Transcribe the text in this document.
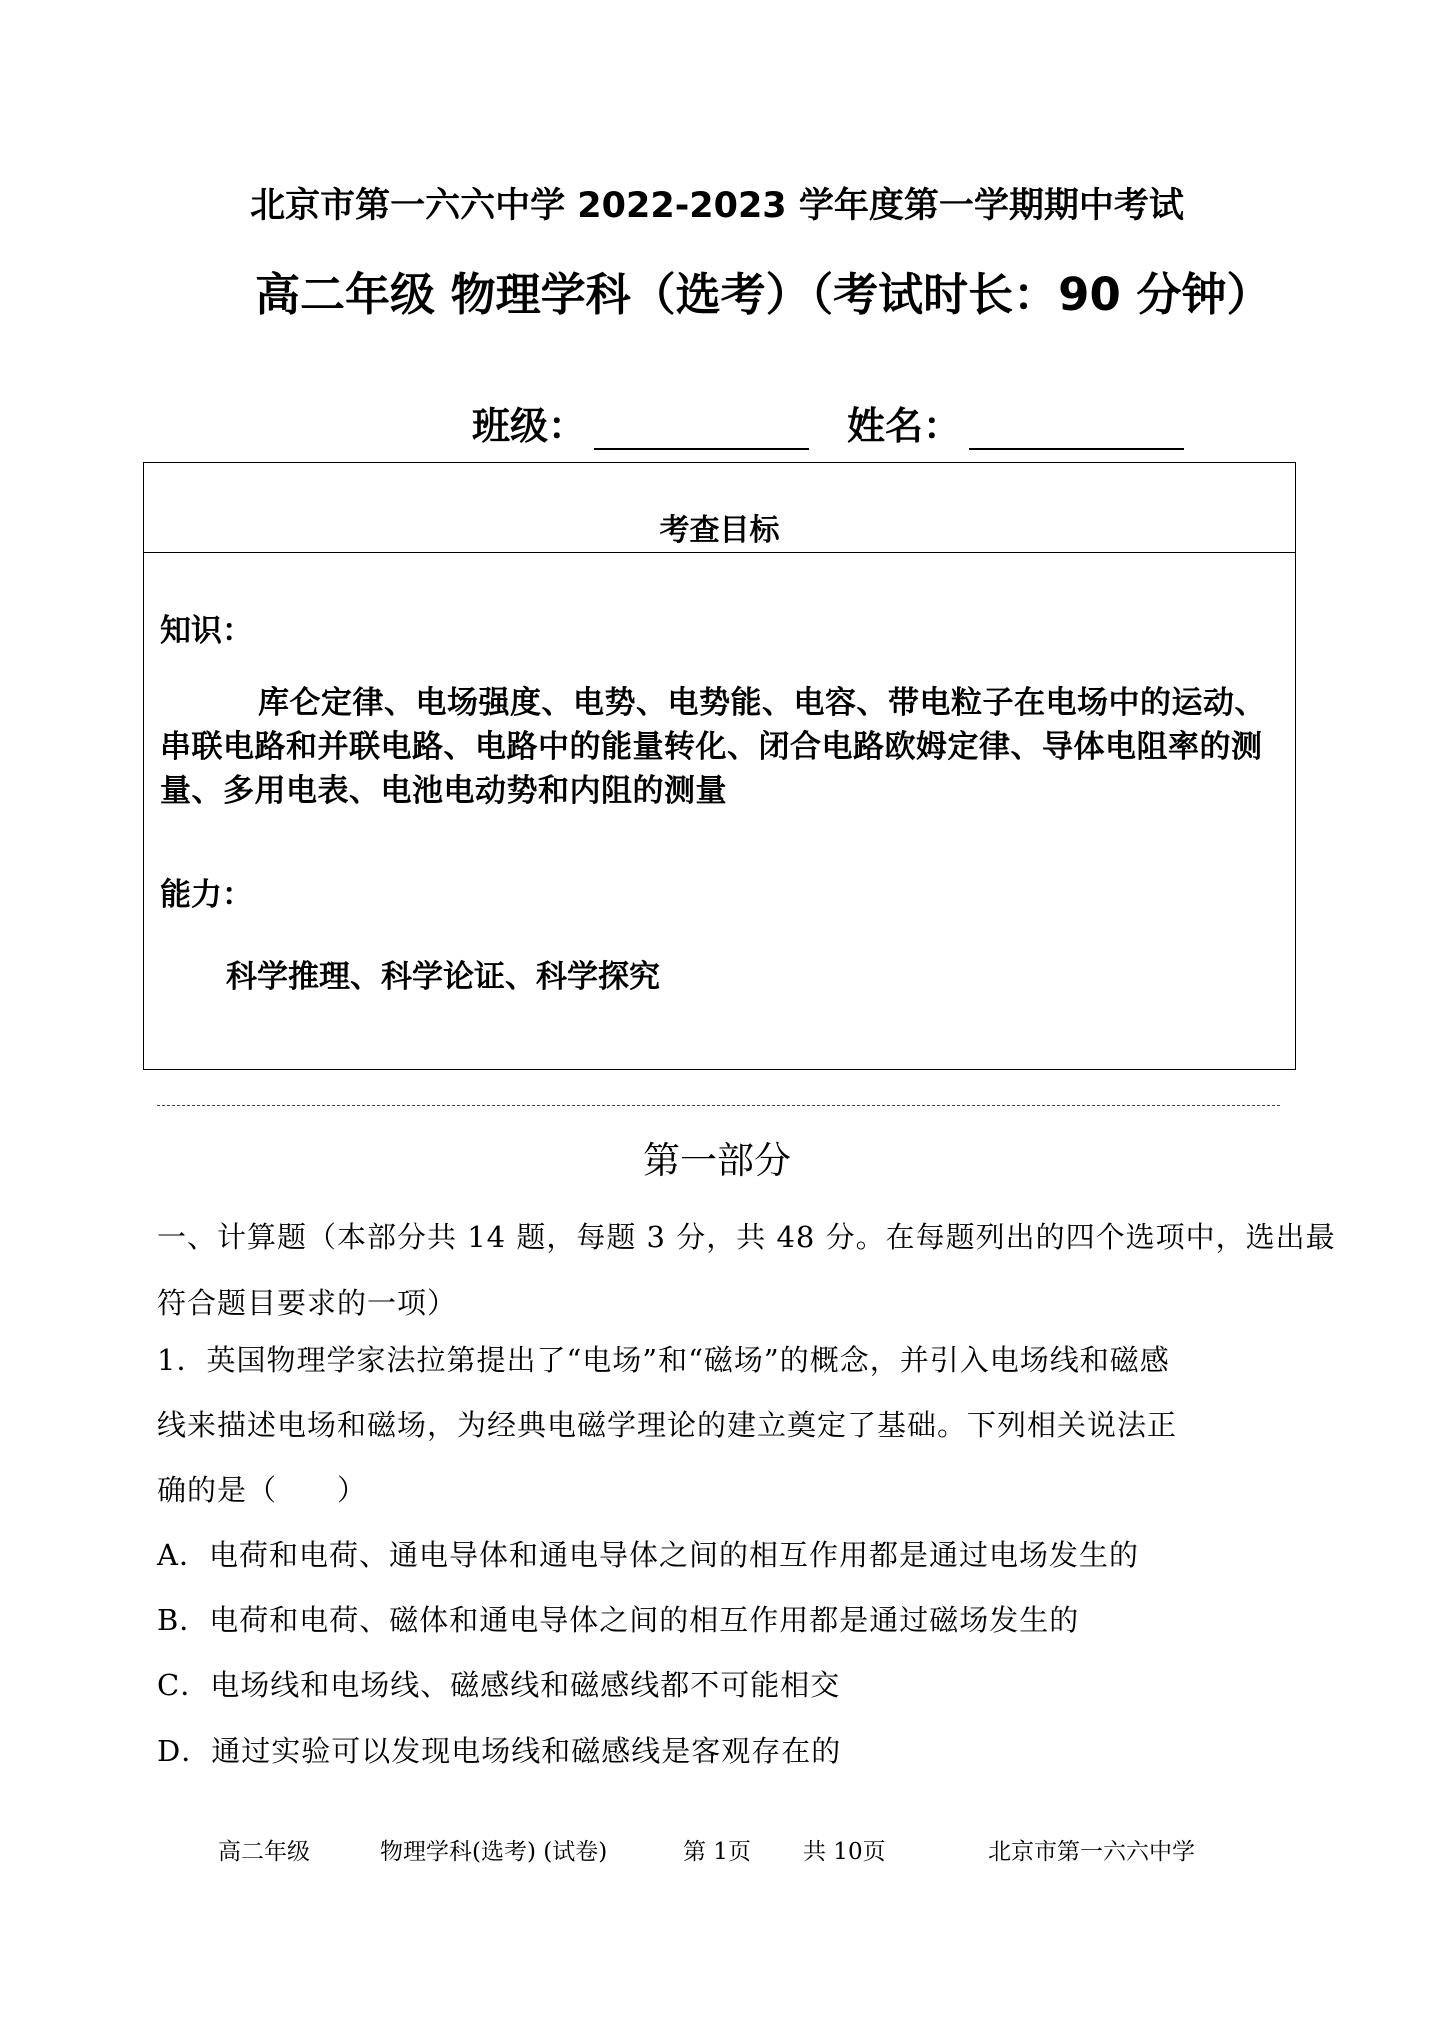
北京市第一六六中学 2022-2023 学年度第一学期期中考试
高二年级 物理学科（选考）（考试时长：90 分钟）
班级：	姓名：
考查目标
知识：
库仑定律、电场强度、电势、电势能、电容、带电粒子在电场中的运动、串联电路和并联电路、电路中的能量转化、闭合电路欧姆定律、导体电阻率的测量、多用电表、电池电动势和内阻的测量
能力：
科学推理、科学论证、科学探究
第一部分
一、计算题（本部分共 14 题，每题 3 分，共 48 分。在每题列出的四个选项中，选出最
符合题目要求的一项）
1．英国物理学家法拉第提出了“电场”和“磁场”的概念，并引入电场线和磁感
线来描述电场和磁场，为经典电磁学理论的建立奠定了基础。下列相关说法正
确的是（　　）
A．电荷和电荷、通电导体和通电导体之间的相互作用都是通过电场发生的
B．电荷和电荷、磁体和通电导体之间的相互作用都是通过磁场发生的
C．电场线和电场线、磁感线和磁感线都不可能相交
D．通过实验可以发现电场线和磁感线是客观存在的
高二年级	物理学科(选考) (试卷)	第 1页 共 10页	北京市第一六六中学
